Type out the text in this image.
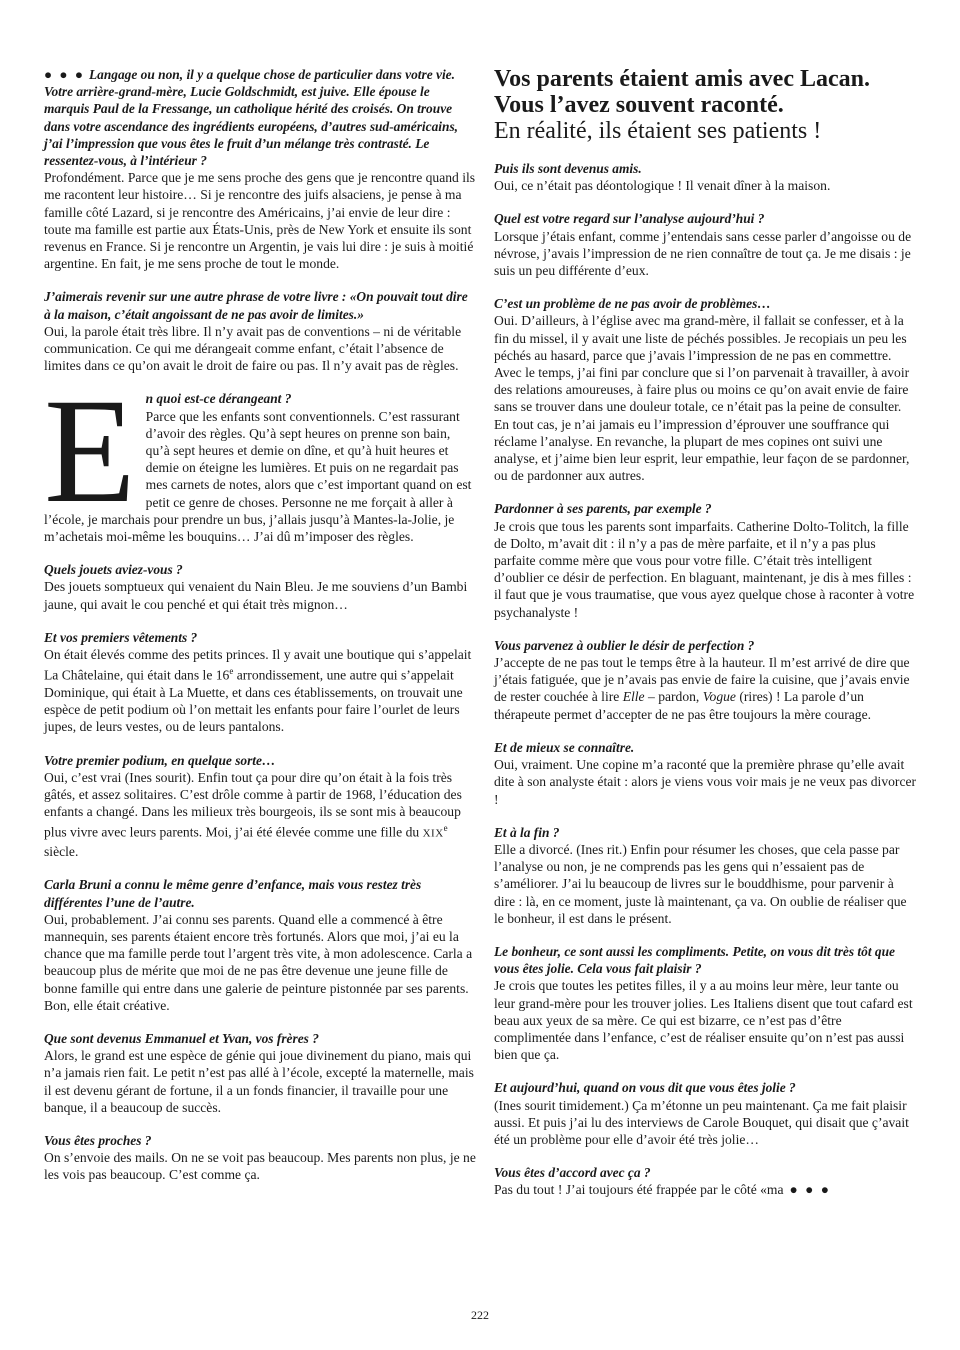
● ● ● Langage ou non, il y a quelque chose de particulier dans votre vie. Votre arrière-grand-mère, Lucie Goldschmidt, est juive. Elle épouse le marquis Paul de la Fressange, un catholique hérité des croisés. On trouve dans votre ascendance des ingrédients européens, d’autres sud-américains, j’ai l’impression que vous êtes le fruit d’un mélange très contrasté. Le ressentez-vous, à l’intérieur ?

Profondément. Parce que je me sens proche des gens que je rencontre quand ils me racontent leur histoire… Si je rencontre des juifs alsaciens, je pense à ma famille côté Lazard, si je rencontre des Américains, j’ai envie de leur dire : toute ma famille est partie aux États-Unis, près de New York et ensuite ils sont revenus en France. Si je rencontre un Argentin, je vais lui dire : je suis à moitié argentine. En fait, je me sens proche de tout le monde.

J’aimerais revenir sur une autre phrase de votre livre : «On pouvait tout dire à la maison, c’était angoissant de ne pas avoir de limites.»

Oui, la parole était très libre. Il n’y avait pas de conventions – ni de véritable communication. Ce qui me dérangeait comme enfant, c’était l’absence de limites dans ce qu’on avait le droit de faire ou pas. Il n’y avait pas de règles.

E n quoi est-ce dérangeant ?

Parce que les enfants sont conventionnels. C’est rassurant d’avoir des règles. Qu’à sept heures on prenne son bain, qu’à sept heures et demie on dîne, et qu’à huit heures et demie on éteigne les lumières. Et puis on ne regardait pas mes carnets de notes, alors que c’est important quand on est petit ce genre de choses. Personne ne me forçait à aller à l’école, je marchais pour prendre un bus, j’allais jusqu’à Mantes-la-Jolie, je m’achetais moi-même les bouquins… J’ai dû m’imposer des règles.

Quels jouets aviez-vous ?

Des jouets somptueux qui venaient du Nain Bleu. Je me souviens d’un Bambi jaune, qui avait le cou penché et qui était très mignon…

Et vos premiers vêtements ?

On était élevés comme des petits princes. Il y avait une boutique qui s’appelait La Châtelaine, qui était dans le 16e arrondissement, une autre qui s’appelait Dominique, qui était à La Muette, et dans ces établissements, on trouvait une espèce de petit podium où l’on mettait les enfants pour faire l’ourlet de leurs jupes, de leurs vestes, ou de leurs pantalons.

Votre premier podium, en quelque sorte…

Oui, c’est vrai (Ines sourit). Enfin tout ça pour dire qu’on était à la fois très gâtés, et assez solitaires. C’est drôle comme à partir de 1968, l’éducation des enfants a changé. Dans les milieux très bourgeois, ils se sont mis à beaucoup plus vivre avec leurs parents. Moi, j’ai été élevée comme une fille du XIXe siècle.

Carla Bruni a connu le même genre d’enfance, mais vous restez très différentes l’une de l’autre.

Oui, probablement. J’ai connu ses parents. Quand elle a commencé à être mannequin, ses parents étaient encore très fortunés. Alors que moi, j’ai eu la chance que ma famille perde tout l’argent très vite, à mon adolescence. Carla a beaucoup plus de mérite que moi de ne pas être devenue une jeune fille de bonne famille qui entre dans une galerie de peinture pistonnée par ses parents. Bon, elle était créative.

Que sont devenus Emmanuel et Yvan, vos frères ?

Alors, le grand est une espèce de génie qui joue divinement du piano, mais qui n’a jamais rien fait. Le petit n’est pas allé à l’école, excepté la maternelle, mais il est devenu gérant de fortune, il a un fonds financier, il travaille pour une banque, il a beaucoup de succès.

Vous êtes proches ?

On s’envoie des mails. On ne se voit pas beaucoup. Mes parents non plus, je ne les vois pas beaucoup. C’est comme ça.

Vos parents étaient amis avec Lacan.
Vous l’avez souvent raconté.
En réalité, ils étaient ses patients !

Puis ils sont devenus amis.

Oui, ce n’était pas déontologique ! Il venait dîner à la maison.

Quel est votre regard sur l’analyse aujourd’hui ?

Lorsque j’étais enfant, comme j’entendais sans cesse parler d’angoisse ou de névrose, j’avais l’impression de ne rien connaître de tout ça. Je me disais : je suis un peu différente d’eux.

C’est un problème de ne pas avoir de problèmes…

Oui. D’ailleurs, à l’église avec ma grand-mère, il fallait se confesser, et à la fin du missel, il y avait une liste de péchés possibles. Je recopiais un peu les péchés au hasard, parce que j’avais l’impression de ne pas en commettre. Avec le temps, j’ai fini par conclure que si l’on parvenait à travailler, à avoir des relations amoureuses, à faire plus ou moins ce qu’on avait envie de faire sans se trouver dans une douleur totale, ce n’était pas la peine de consulter. En tout cas, je n’ai jamais eu l’impression d’éprouver une souffrance qui réclame l’analyse. En revanche, la plupart de mes copines ont suivi une analyse, et j’aime bien leur esprit, leur empathie, leur façon de se pardonner, ou de pardonner aux autres.

Pardonner à ses parents, par exemple ?

Je crois que tous les parents sont imparfaits. Catherine Dolto-Tolitch, la fille de Dolto, m’avait dit : il n’y a pas de mère parfaite, et il n’y a pas plus parfaite comme mère que vous pour votre fille. C’était très intelligent d’oublier ce désir de perfection. En blaguant, maintenant, je dis à mes filles : il faut que je vous traumatise, que vous ayez quelque chose à raconter à votre psychanalyste !

Vous parvenez à oublier le désir de perfection ?

J’accepte de ne pas tout le temps être à la hauteur. Il m’est arrivé de dire que j’étais fatiguée, que je n’avais pas envie de faire la cuisine, que j’avais envie de rester couchée à lire Elle – pardon, Vogue (rires) ! La parole d’un thérapeute permet d’accepter de ne pas être toujours la mère courage.

Et de mieux se connaître.

Oui, vraiment. Une copine m’a raconté que la première phrase qu’elle avait dite à son analyste était : alors je viens vous voir mais je ne veux pas divorcer !

Et à la fin ?

Elle a divorcé. (Ines rit.) Enfin pour résumer les choses, que cela passe par l’analyse ou non, je ne comprends pas les gens qui n’essaient pas de s’améliorer. J’ai lu beaucoup de livres sur le bouddhisme, pour parvenir à dire : là, en ce moment, juste là maintenant, ça va. On oublie de réaliser que le bonheur, il est dans le présent.

Le bonheur, ce sont aussi les compliments. Petite, on vous dit très tôt que vous êtes jolie. Cela vous fait plaisir ?

Je crois que toutes les petites filles, il y a au moins leur mère, leur tante ou leur grand-mère pour les trouver jolies. Les Italiens disent que tout cafard est beau aux yeux de sa mère. Ce qui est bizarre, ce n’est pas d’être complimentée dans l’enfance, c’est de réaliser ensuite qu’on n’est pas aussi bien que ça.

Et aujourd’hui, quand on vous dit que vous êtes jolie ?

(Ines sourit timidement.) Ça m’étonne un peu maintenant. Ça me fait plaisir aussi. Et puis j’ai lu des interviews de Carole Bouquet, qui disait que ç’avait été un problème pour elle d’avoir été très jolie…

Vous êtes d’accord avec ça ?

Pas du tout ! J’ai toujours été frappée par le côté «ma ● ● ●

222
